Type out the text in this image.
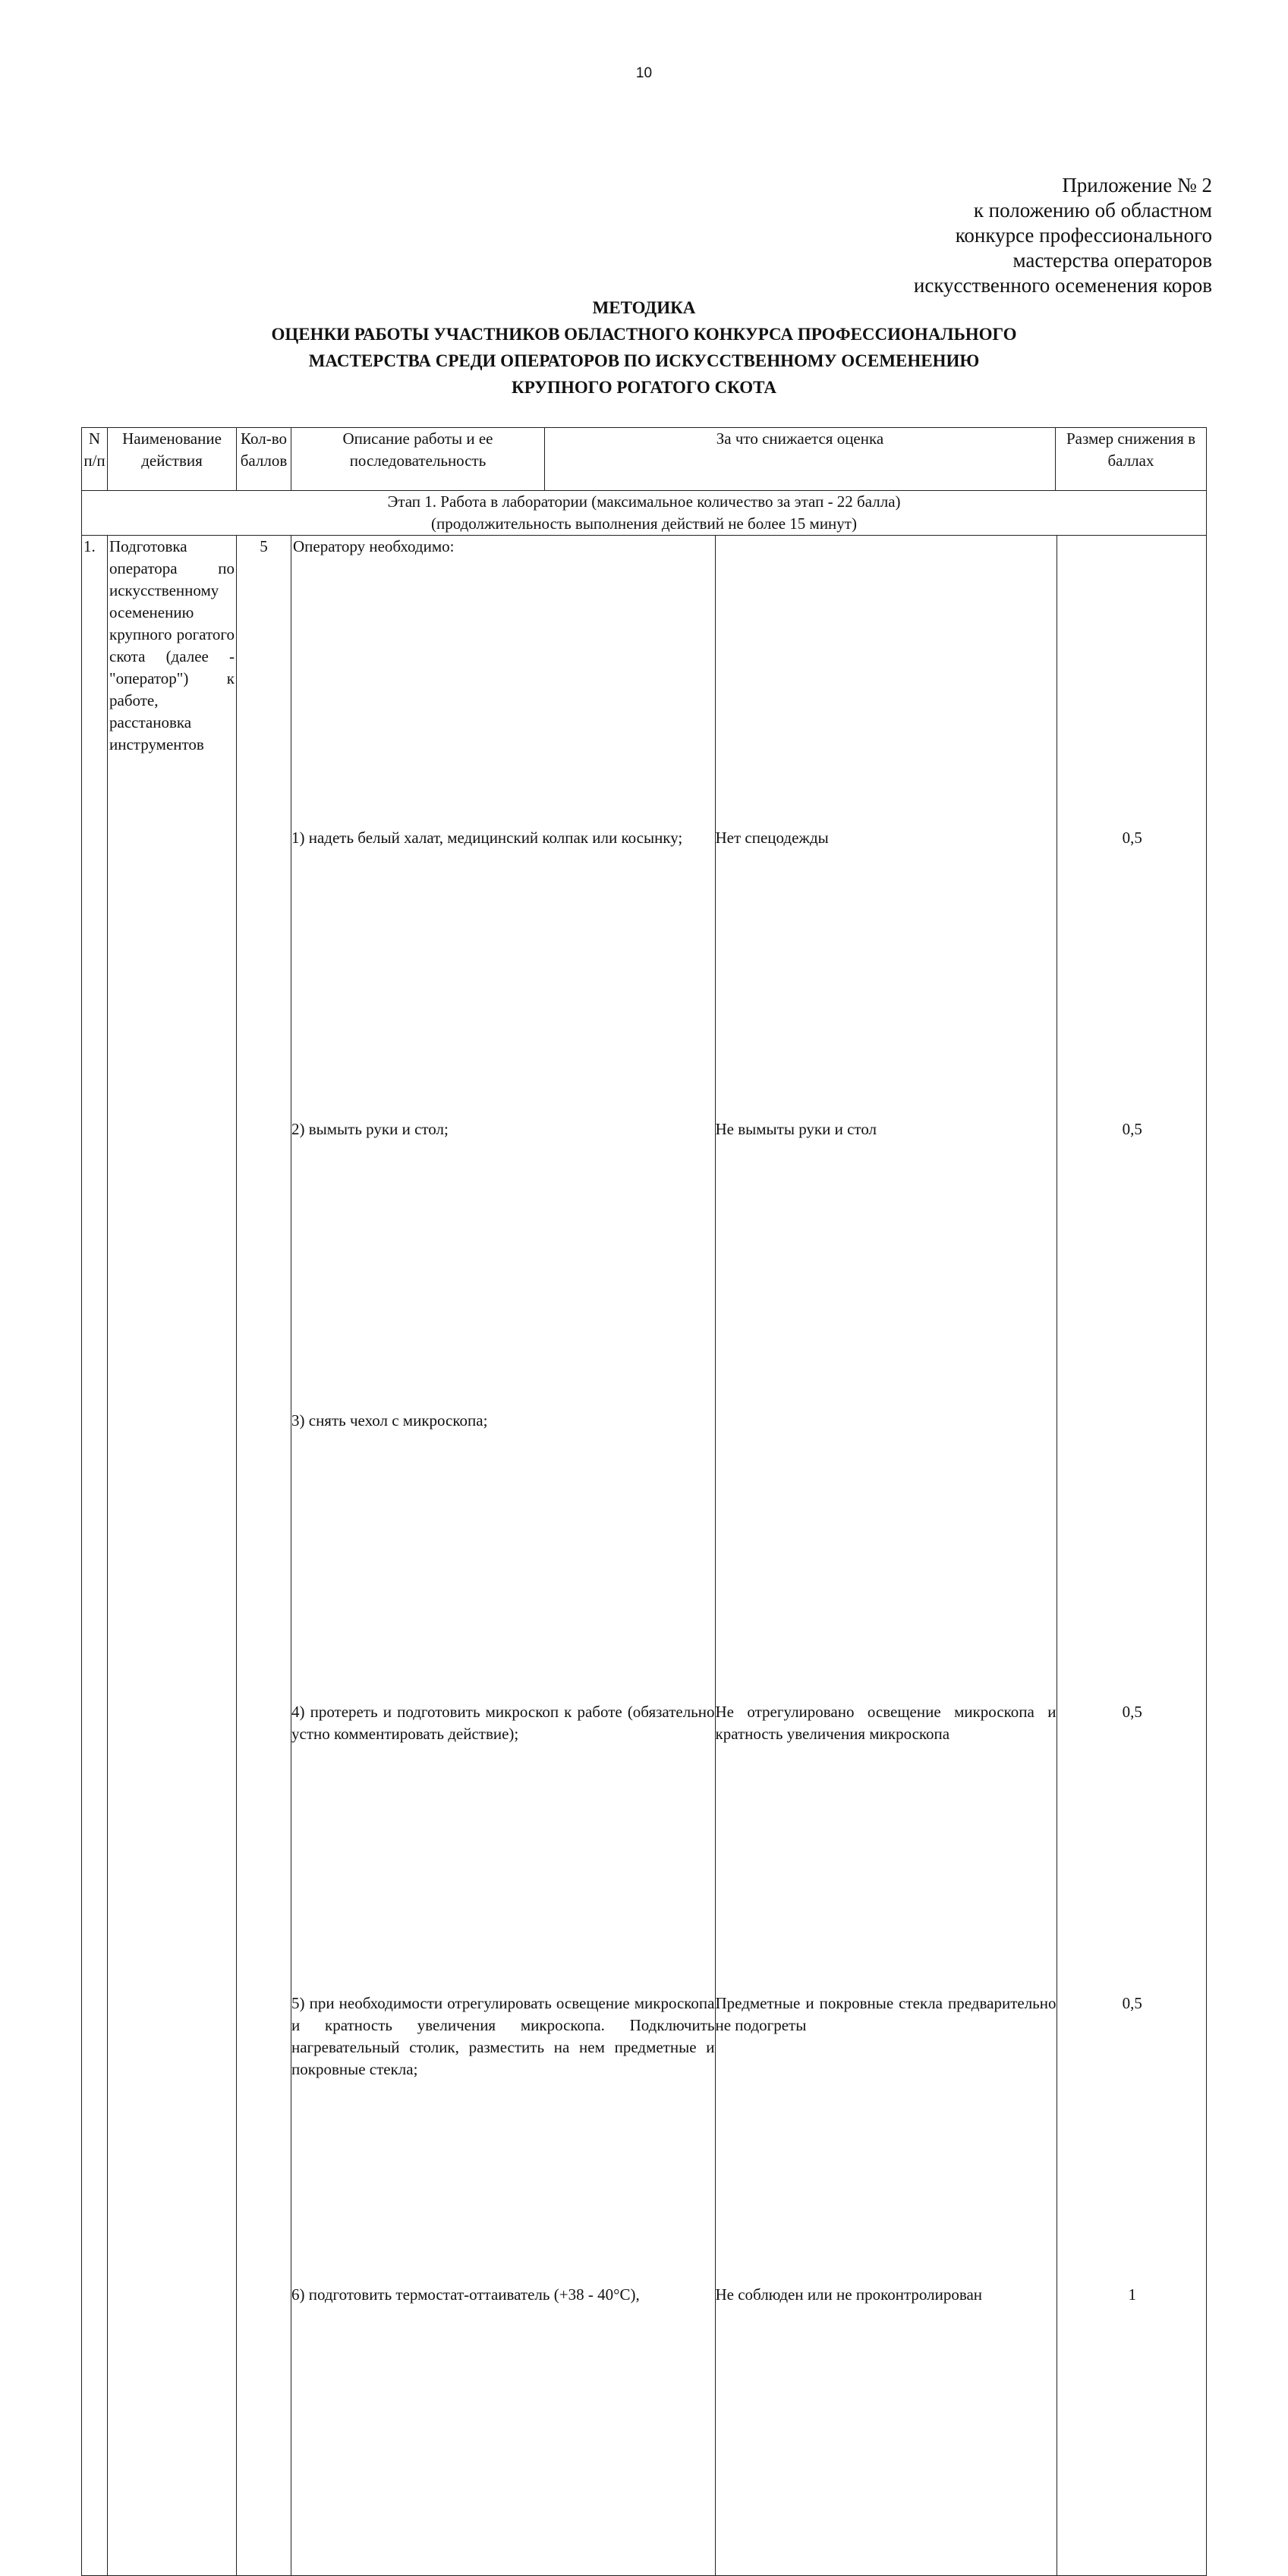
10
Приложение № 2
к положению об областном
конкурсе профессионального
мастерства операторов
искусственного осеменения коров
МЕТОДИКА
ОЦЕНКИ РАБОТЫ УЧАСТНИКОВ ОБЛАСТНОГО КОНКУРСА ПРОФЕССИОНАЛЬНОГО
МАСТЕРСТВА СРЕДИ ОПЕРАТОРОВ ПО ИСКУССТВЕННОМУ ОСЕМЕНЕНИЮ
КРУПНОГО РОГАТОГО СКОТА
N п/п	Наименование действия	Кол-во баллов	Описание работы и ее последовательность	За что снижается оценка	Размер снижения в баллах

Этап 1. Работа в лаборатории (максимальное количество за этап - 22 балла)
(продолжительность выполнения действий не более 15 минут)

1.	Подготовка оператора по искусственному осеменению крупного рогатого скота (далее - "оператор") к работе, расстановка инструментов	5	Оператору необходимо:		
1) надеть белый халат, медицинский колпак или косынку;	Нет спецодежды	0,5
2) вымыть руки и стол;	Не вымыты руки и стол	0,5
3) снять чехол с микроскопа;		
4) протереть и подготовить микроскоп к работе (обязательно устно комментировать действие);	Не отрегулировано освещение микроскопа и кратность увеличения микроскопа	0,5
5) при необходимости отрегулировать освещение микроскопа и кратность увеличения микроскопа. Подключить нагревательный столик, разместить на нем предметные и покровные стекла;	Предметные и покровные стекла предварительно не подогреты	0,5
6) подготовить термостат-оттаиватель (+38 - 40°C),	Не соблюден или не проконтролирован	1
